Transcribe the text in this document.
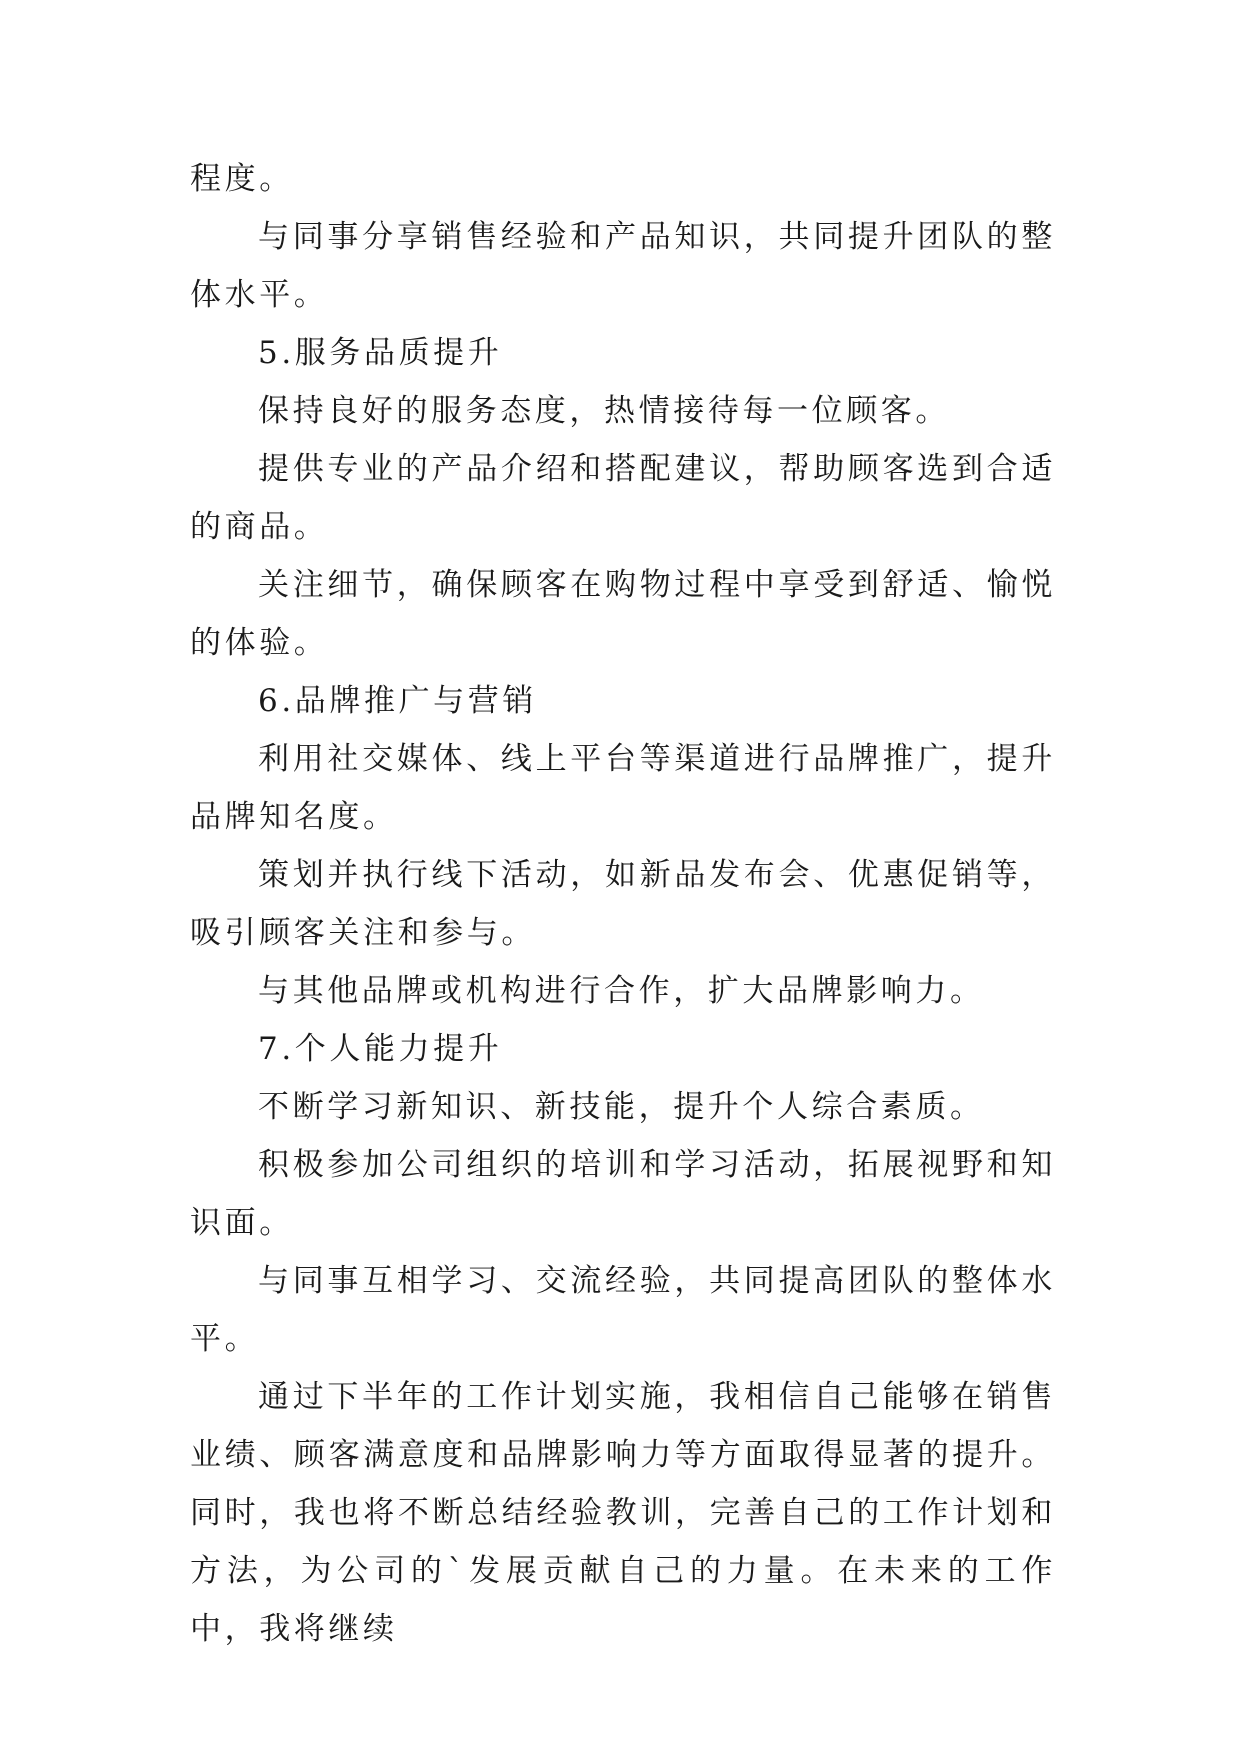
程度。

与同事分享销售经验和产品知识，共同提升团队的整体水平。

5.服务品质提升

保持良好的服务态度，热情接待每一位顾客。

提供专业的产品介绍和搭配建议，帮助顾客选到合适的商品。

关注细节，确保顾客在购物过程中享受到舒适、愉悦的体验。

6.品牌推广与营销

利用社交媒体、线上平台等渠道进行品牌推广，提升品牌知名度。

策划并执行线下活动，如新品发布会、优惠促销等，吸引顾客关注和参与。

与其他品牌或机构进行合作，扩大品牌影响力。

7.个人能力提升

不断学习新知识、新技能，提升个人综合素质。

积极参加公司组织的培训和学习活动，拓展视野和知识面。

与同事互相学习、交流经验，共同提高团队的整体水平。

通过下半年的工作计划实施，我相信自己能够在销售业绩、顾客满意度和品牌影响力等方面取得显著的提升。同时，我也将不断总结经验教训，完善自己的工作计划和方法，为公司的`发展贡献自己的力量。在未来的工作中，我将继续
